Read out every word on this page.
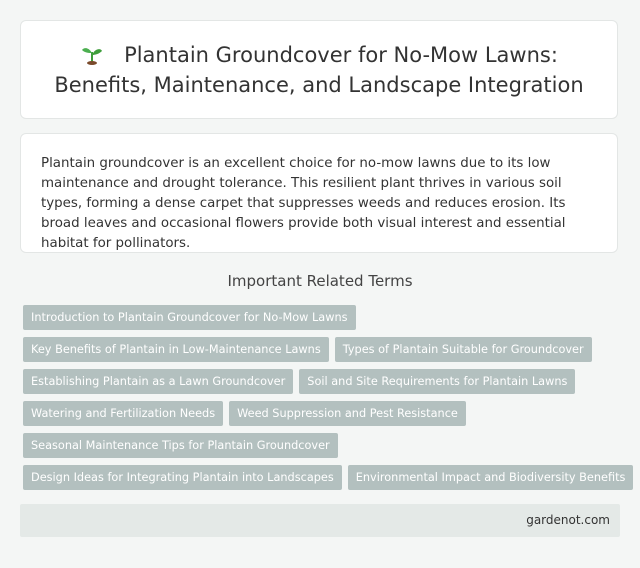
Plantain Groundcover for No-Mow Lawns:
Benefits, Maintenance, and Landscape Integration

Plantain groundcover is an excellent choice for no-mow lawns due to its low maintenance and drought tolerance. This resilient plant thrives in various soil types, forming a dense carpet that suppresses weeds and reduces erosion. Its broad leaves and occasional flowers provide both visual interest and essential habitat for pollinators.

Important Related Terms
Introduction to Plantain Groundcover for No-Mow Lawns
Key Benefits of Plantain in Low-Maintenance Lawns	Types of Plantain Suitable for Groundcover
Establishing Plantain as a Lawn Groundcover	Soil and Site Requirements for Plantain Lawns
Watering and Fertilization Needs	Weed Suppression and Pest Resistance
Seasonal Maintenance Tips for Plantain Groundcover
Design Ideas for Integrating Plantain into Landscapes	Environmental Impact and Biodiversity Benefits
gardenot.com
